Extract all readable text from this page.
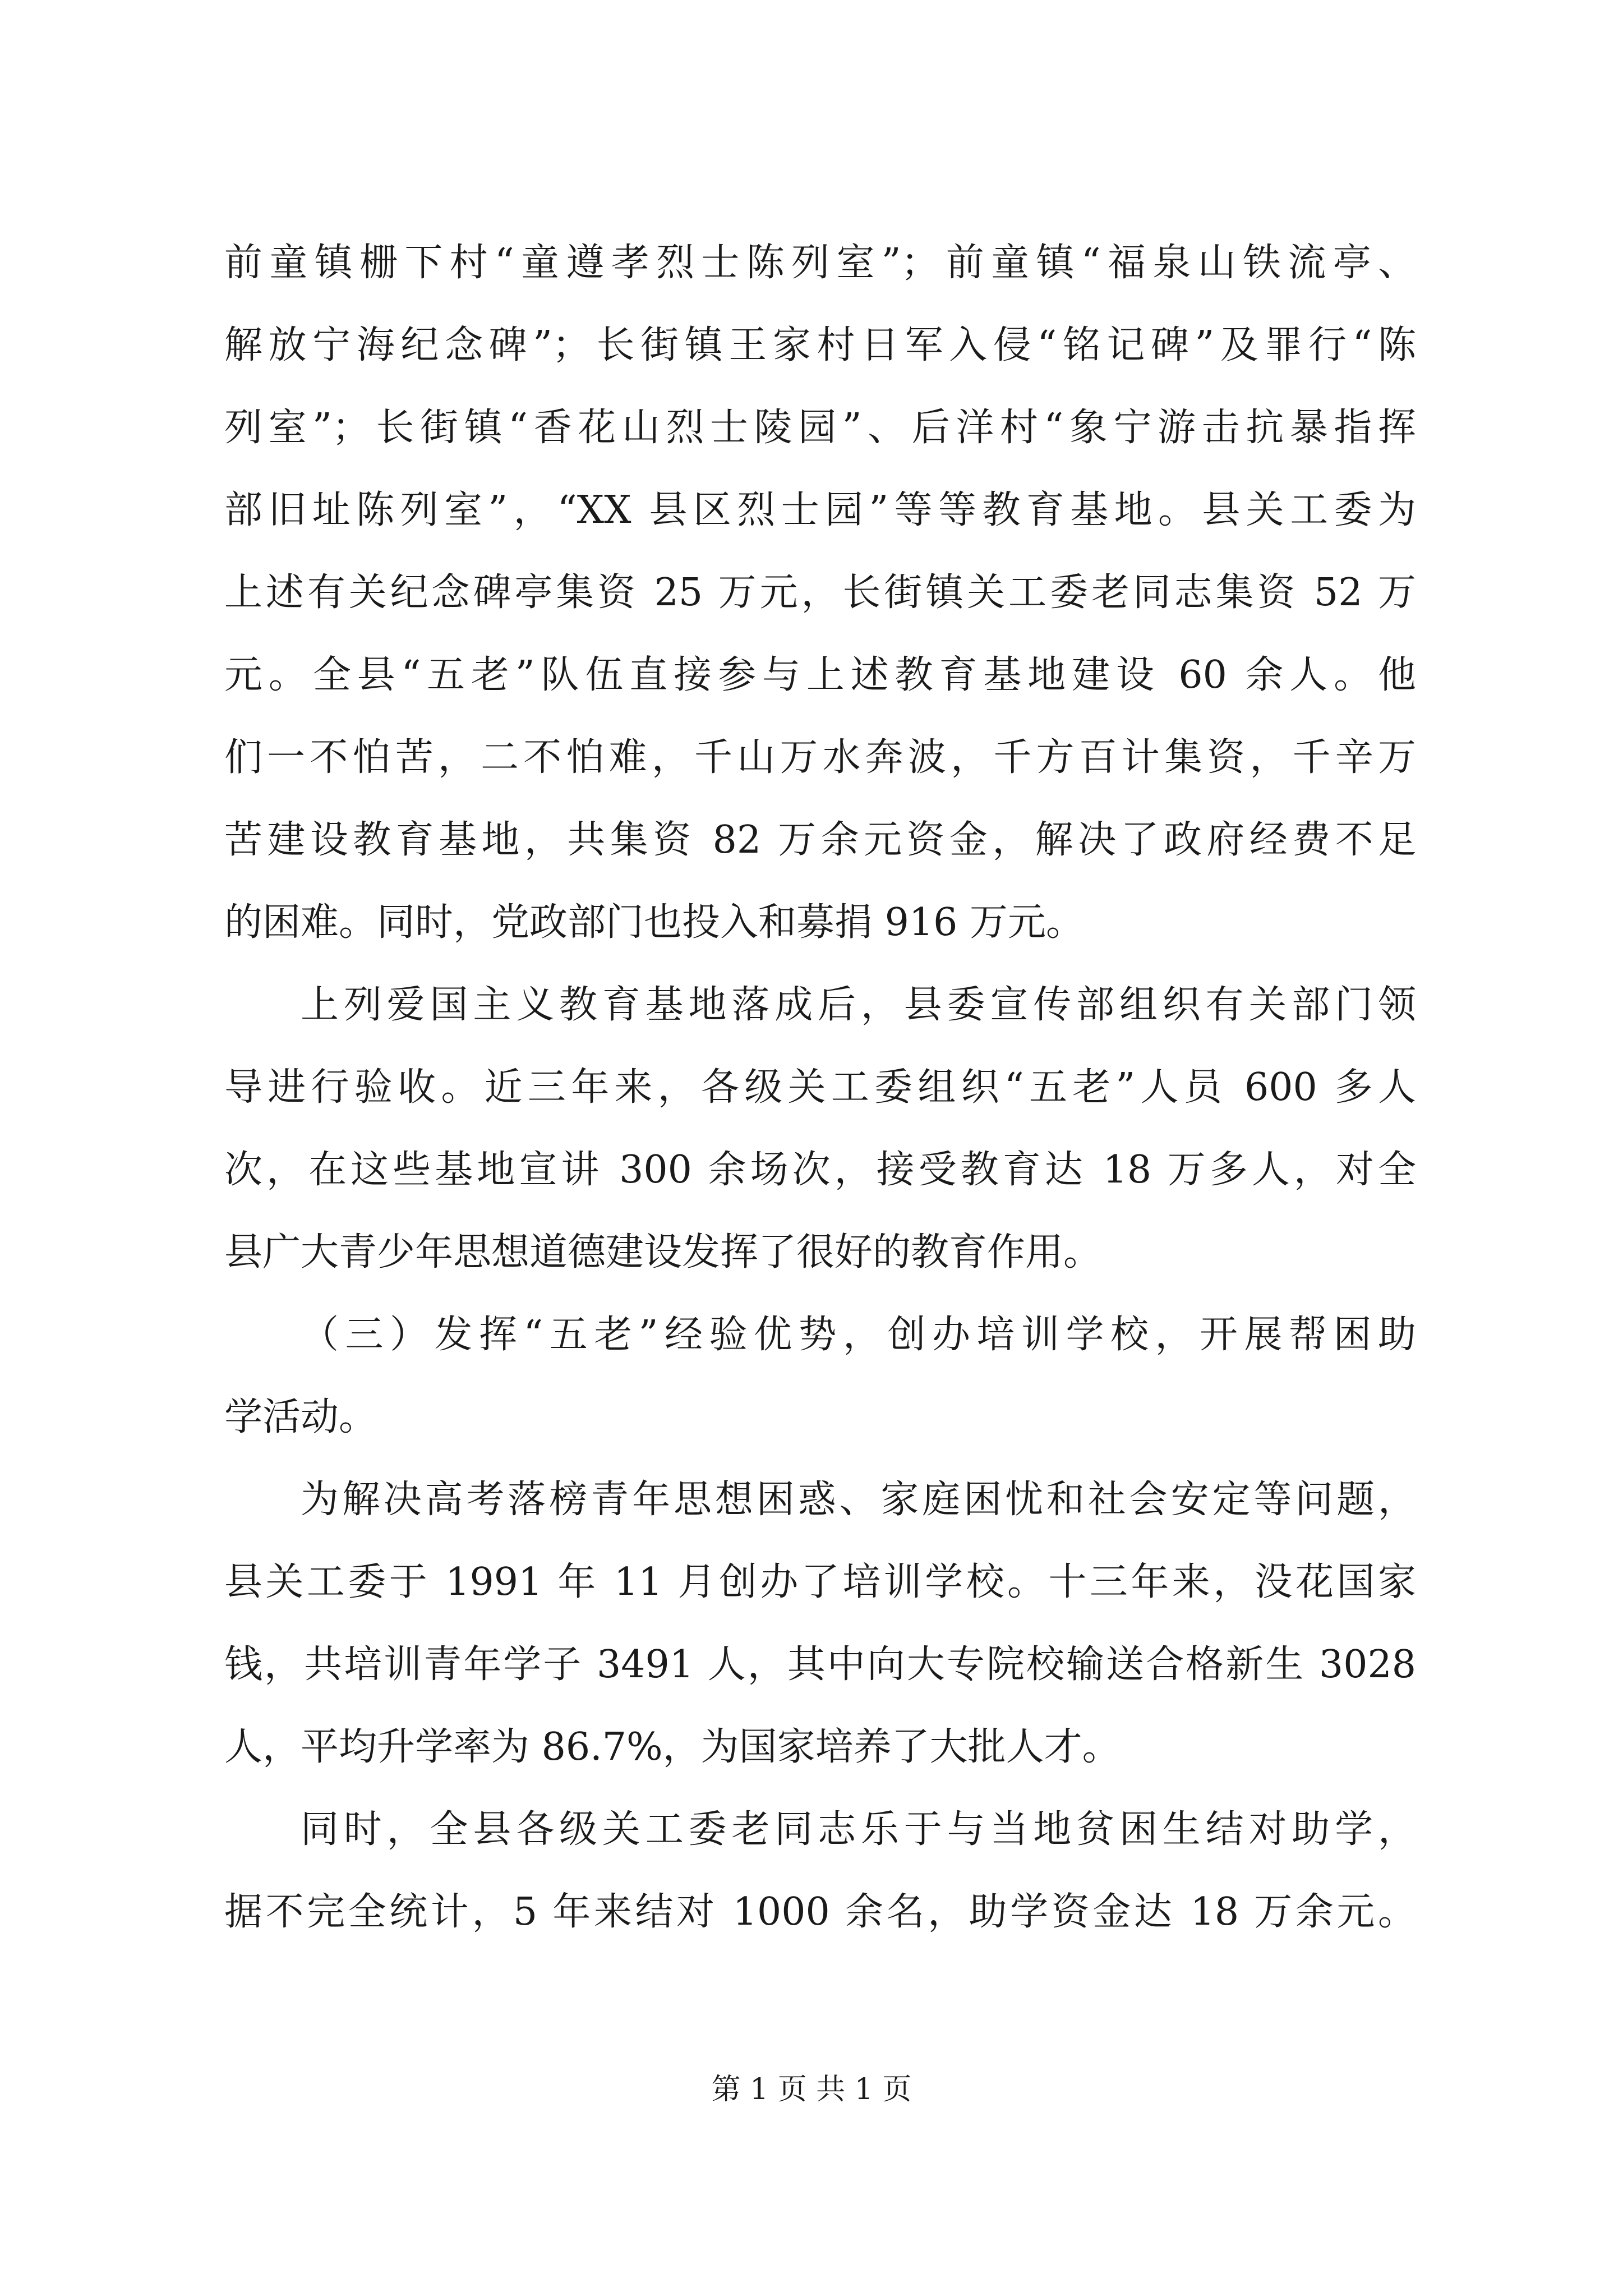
前童镇栅下村“童遵孝烈士陈列室”；前童镇“福泉山铁流亭、
解放宁海纪念碑”；长街镇王家村日军入侵“铭记碑”及罪行“陈
列室”；长街镇“香花山烈士陵园”、后洋村“象宁游击抗暴指挥
部旧址陈列室”，“XX 县区烈士园”等等教育基地。县关工委为
上述有关纪念碑亭集资 25 万元，长街镇关工委老同志集资 52 万
元。全县“五老”队伍直接参与上述教育基地建设 60 余人。他
们一不怕苦，二不怕难，千山万水奔波，千方百计集资，千辛万
苦建设教育基地，共集资 82 万余元资金，解决了政府经费不足
的困难。同时，党政部门也投入和募捐 916 万元。
上列爱国主义教育基地落成后，县委宣传部组织有关部门领
导进行验收。近三年来，各级关工委组织“五老”人员 600 多人
次，在这些基地宣讲 300 余场次，接受教育达 18 万多人，对全
县广大青少年思想道德建设发挥了很好的教育作用。
（三）发挥“五老”经验优势，创办培训学校，开展帮困助
学活动。
为解决高考落榜青年思想困惑、家庭困忧和社会安定等问题，
县关工委于 1991 年 11 月创办了培训学校。十三年来，没花国家
钱，共培训青年学子 3491 人，其中向大专院校输送合格新生 3028
人，平均升学率为 86.7%，为国家培养了大批人才。
同时，全县各级关工委老同志乐于与当地贫困生结对助学，
据不完全统计，5 年来结对 1000 余名，助学资金达 18 万余元。
第 1 页 共 1 页
